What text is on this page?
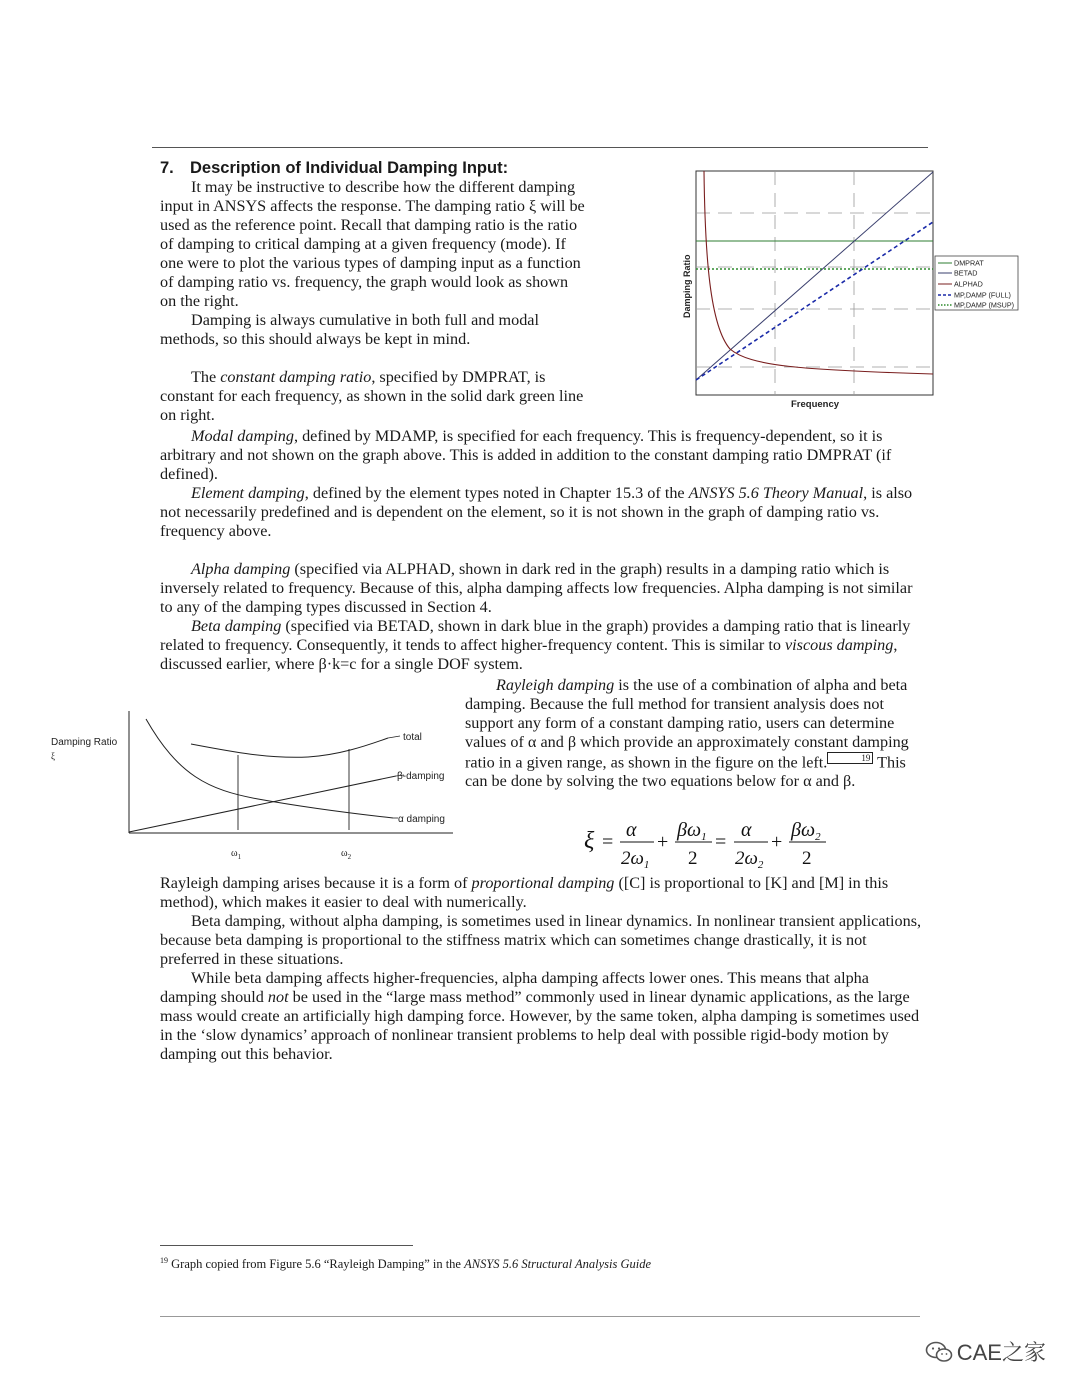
7. Description of Individual Damping Input:

It may be instructive to describe how the different damping

input in ANSYS affects the response. The damping ratio ξ will be

used as the reference point. Recall that damping ratio is the ratio

of damping to critical damping at a given frequency (mode). If

one were to plot the various types of damping input as a function

of damping ratio vs. frequency, the graph would look as shown

on the right.

Damping is always cumulative in both full and modal

methods, so this should always be kept in mind.

The constant damping ratio, specified by DMPRAT, is

constant for each frequency, as shown in the solid dark green line

on right.

Damping Ratio
Frequency
DMPRAT
BETAD
ALPHAD
MP,DAMP (FULL)
MP,DAMP (MSUP)

Modal damping, defined by MDAMP, is specified for each frequency. This is frequency-dependent, so it is arbitrary and not shown on the graph above. This is added in addition to the constant damping ratio DMPRAT (if defined).

Element damping, defined by the element types noted in Chapter 15.3 of the ANSYS 5.6 Theory Manual, is also not necessarily predefined and is dependent on the element, so it is not shown in the graph of damping ratio vs. frequency above.

Alpha damping (specified via ALPHAD, shown in dark red in the graph) results in a damping ratio which is inversely related to frequency. Because of this, alpha damping affects low frequencies. Alpha damping is not similar to any of the damping types discussed in Section 4.

Beta damping (specified via BETAD, shown in dark blue in the graph) provides a damping ratio that is linearly related to frequency. Consequently, it tends to affect higher-frequency content. This is similar to viscous damping, discussed earlier, where β·k=c for a single DOF system.

Damping Ratio
ξ
total
β-damping
α damping
$\omega_1$	$\omega_2$

Rayleigh damping is the use of a combination of alpha and beta damping. Because the full method for transient analysis does not support any form of a constant damping ratio, users can determine values of α and β which provide an approximately constant damping ratio in a given range, as shown in the figure on the left.	19 This can be done by solving the two equations below for α and β.

ξ =
α
$2\omega_1$
+
$\beta\omega_1$
2
=
α
$2\omega_2$
+
$\beta\omega_2$
2

Rayleigh damping arises because it is a form of proportional damping ([C] is proportional to [K] and [M] in this method), which makes it easier to deal with numerically.

Beta damping, without alpha damping, is sometimes used in linear dynamics. In nonlinear transient applications, because beta damping is proportional to the stiffness matrix which can sometimes change drastically, it is not preferred in these situations.

While beta damping affects higher-frequencies, alpha damping affects lower ones. This means that alpha damping should not be used in the “large mass method” commonly used in linear dynamic applications, as the large mass would create an artificially high damping force. However, by the same token, alpha damping is sometimes used in the ‘slow dynamics’ approach of nonlinear transient problems to help deal with possible rigid-body motion by damping out this behavior.

$^{19}$ Graph copied from Figure 5.6 “Rayleigh Damping” in the ANSYS 5.6 Structural Analysis Guide
CAE之家
